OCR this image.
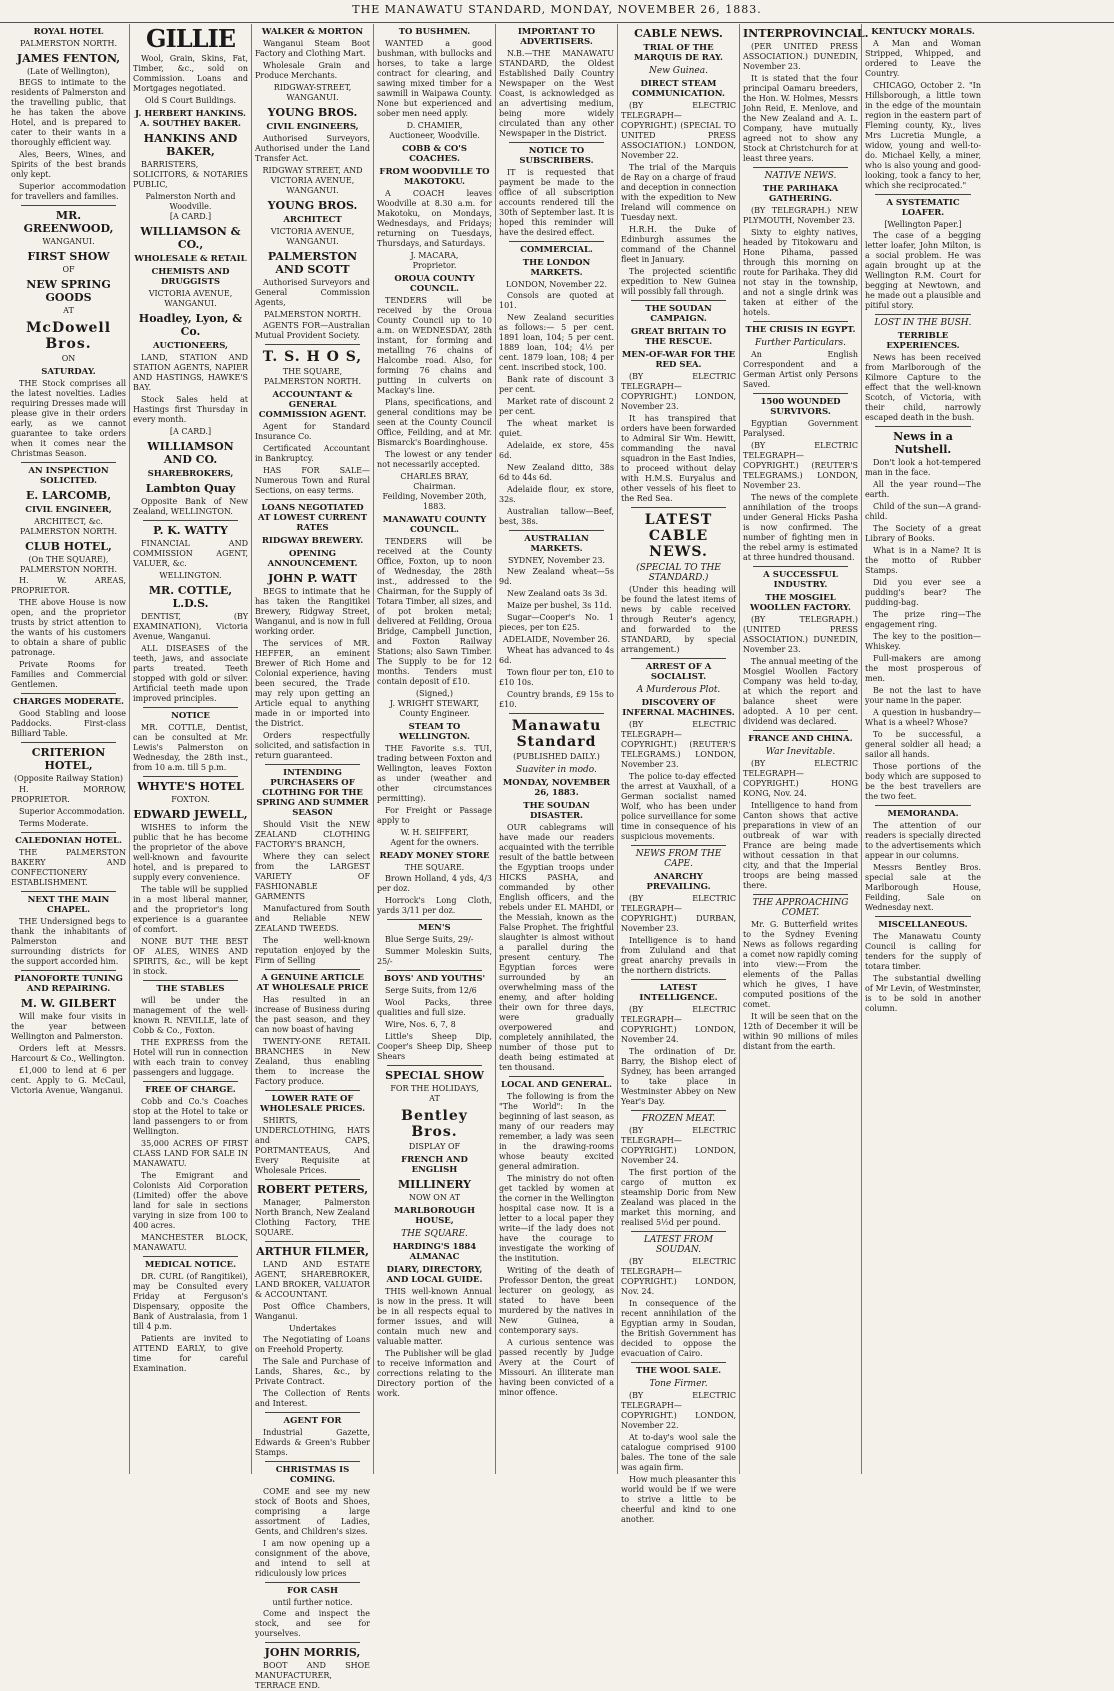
THE MANAWATU STANDARD, MONDAY, NOVEMBER 26, 1883.
ROYAL HOTEL
PALMERSTON NORTH.
JAMES FENTON,
(Late of Wellington),
BEGS to intimate to the residents of Palmerston and the travelling public, that he has taken the above Hotel, and is prepared to cater to their wants in a thoroughly efficient way.
Ales, Beers, Wines, and Spirits of the best brands only kept.
Superior accommodation for travellers and families.
MR. GREENWOOD,
WANGANUI.
FIRST SHOW
OF
NEW SPRING GOODS
AT
McDowell Bros.
ON
SATURDAY.
THE Stock comprises all the latest novelties. Ladies requiring Dresses made will please give in their orders early, as we cannot guarantee to take orders when it comes near the Christmas Season.
AN INSPECTION SOLICITED.
E. LARCOMB,
CIVIL ENGINEER,
ARCHITECT, &c.
PALMERSTON NORTH.
CLUB HOTEL,
(On THE SQUARE),
PALMERSTON NORTH.
H. W. AREAS, PROPRIETOR.
THE above House is now open, and the proprietor trusts by strict attention to the wants of his customers to obtain a share of public patronage.
Private Rooms for Families and Commercial Gentlemen.
CHARGES MODERATE.
Good Stabling and loose Paddocks. First-class Billiard Table.
CRITERION HOTEL,
(Opposite Railway Station)
H. MORROW, PROPRIETOR.
Superior Accommodation.
Terms Moderate.
CALEDONIAN HOTEL.
THE PALMERSTON BAKERY AND CONFECTIONERY ESTABLISHMENT.
NEXT THE MAIN CHAPEL.
THE Undersigned begs to thank the inhabitants of Palmerston and surrounding districts for the support accorded him.
PIANOFORTE TUNING AND REPAIRING.
M. W. GILBERT
Will make four visits in the year between Wellington and Palmerston.
Orders left at Messrs. Harcourt & Co., Wellington.
£1,000 to lend at 6 per cent. Apply to G. McCaul, Victoria Avenue, Wanganui.
GILLIE
Wool, Grain, Skins, Fat, Timber, &c., sold on Commission. Loans and Mortgages negotiated.
Old S Court Buildings.
J. HERBERT HANKINS. A. SOUTHEY BAKER.
HANKINS AND BAKER,
BARRISTERS, SOLICITORS, & NOTARIES PUBLIC,
Palmerston North and Woodville.
[A CARD.]
WILLIAMSON & CO.,
WHOLESALE & RETAIL
CHEMISTS AND DRUGGISTS
VICTORIA AVENUE,
WANGANUI.
Hoadley, Lyon, & Co.
AUCTIONEERS,
LAND, STATION AND STATION AGENTS, NAPIER AND HASTINGS, HAWKE'S BAY.
Stock Sales held at Hastings first Thursday in every month.
[A CARD.]
WILLIAMSON AND CO.
SHAREBROKERS,
Lambton Quay
Opposite Bank of New Zealand, WELLINGTON.
P. K. WATTY
FINANCIAL AND COMMISSION AGENT, VALUER, &c.
WELLINGTON.
MR. COTTLE, L.D.S.
DENTIST, (BY EXAMINATION), Victoria Avenue, Wanganui.
ALL DISEASES of the teeth, jaws, and associate parts treated. Teeth stopped with gold or silver. Artificial teeth made upon improved principles.
NOTICE
MR. COTTLE, Dentist, can be consulted at Mr. Lewis's Palmerston on Wednesday, the 28th inst., from 10 a.m. till 5 p.m.
WHYTE'S HOTEL
FOXTON.
EDWARD JEWELL,
WISHES to inform the public that he has become the proprietor of the above well-known and favourite hotel, and is prepared to supply every convenience.
The table will be supplied in a most liberal manner, and the proprietor's long experience is a guarantee of comfort.
NONE BUT THE BEST OF ALES, WINES AND SPIRITS, &c., will be kept in stock.
THE STABLES
will be under the management of the well-known R. NEVILLE, late of Cobb & Co., Foxton.
THE EXPRESS from the Hotel will run in connection with each train to convey passengers and luggage.
FREE OF CHARGE.
Cobb and Co.'s Coaches stop at the Hotel to take or land passengers to or from Wellington.
35,000 ACRES OF FIRST CLASS LAND FOR SALE IN MANAWATU.
The Emigrant and Colonists Aid Corporation (Limited) offer the above land for sale in sections varying in size from 100 to 400 acres.
MANCHESTER BLOCK, MANAWATU.
MEDICAL NOTICE.
DR. CURL (of Rangitikei), may be Consulted every Friday at Ferguson's Dispensary, opposite the Bank of Australasia, from 1 till 4 p.m.
Patients are invited to ATTEND EARLY, to give time for careful Examination.
WALKER & MORTON
Wanganui Steam Boot Factory and Clothing Mart.
Wholesale Grain and Produce Merchants.
RIDGWAY-STREET,
WANGANUI.
YOUNG BROS.
CIVIL ENGINEERS,
Authorised Surveyors, Authorised under the Land Transfer Act.
RIDGWAY STREET, AND VICTORIA AVENUE, WANGANUI.
YOUNG BROS.
ARCHITECT
VICTORIA AVENUE, WANGANUI.
PALMERSTON AND SCOTT
Authorised Surveyors and General Commission Agents,
PALMERSTON NORTH.
AGENTS FOR—Australian Mutual Provident Society.
T. S. H O S,
THE SQUARE,
PALMERSTON NORTH.
ACCOUNTANT & GENERAL COMMISSION AGENT.
Agent for Standard Insurance Co.
Certificated Accountant in Bankruptcy.
HAS FOR SALE—Numerous Town and Rural Sections, on easy terms.
LOANS NEGOTIATED AT LOWEST CURRENT RATES
RIDGWAY BREWERY.
OPENING ANNOUNCEMENT.
JOHN P. WATT
BEGS to intimate that he has taken the Rangitikei Brewery, Ridgway Street, Wanganui, and is now in full working order.
The services of MR. HEFFER, an eminent Brewer of Rich Home and Colonial experience, having been secured, the Trade may rely upon getting an Article equal to anything made in or imported into the District.
Orders respectfully solicited, and satisfaction in return guaranteed.
INTENDING PURCHASERS OF CLOTHING FOR THE SPRING AND SUMMER SEASON
Should Visit the NEW ZEALAND CLOTHING FACTORY'S BRANCH,
Where they can select from the LARGEST VARIETY OF FASHIONABLE GARMENTS
Manufactured from South and Reliable NEW ZEALAND TWEEDS.
The well-known reputation enjoyed by the Firm of Selling
A GENUINE ARTICLE AT WHOLESALE PRICE
Has resulted in an increase of Business during the past season, and they can now boast of having
TWENTY-ONE RETAIL BRANCHES in New Zealand, thus enabling them to increase the Factory produce.
LOWER RATE OF WHOLESALE PRICES.
SHIRTS, UNDERCLOTHING, HATS and CAPS, PORTMANTEAUS, And Every Requisite at Wholesale Prices.
ROBERT PETERS,
Manager, Palmerston North Branch, New Zealand Clothing Factory, THE SQUARE.
ARTHUR FILMER,
LAND AND ESTATE AGENT, SHAREBROKER, LAND BROKER, VALUATOR & ACCOUNTANT.
Post Office Chambers, Wanganui.
Undertakes
The Negotiating of Loans on Freehold Property.
The Sale and Purchase of Lands, Shares, &c., by Private Contract.
The Collection of Rents and Interest.
AGENT FOR
Industrial Gazette, Edwards & Green's Rubber Stamps.
CHRISTMAS IS COMING.
COME and see my new stock of Boots and Shoes, comprising a large assortment of Ladies, Gents, and Children's sizes.
I am now opening up a consignment of the above, and intend to sell at ridiculously low prices
FOR CASH
until further notice.
Come and inspect the stock, and see for yourselves.
JOHN MORRIS,
BOOT AND SHOE MANUFACTURER, TERRACE END.
TO BUSHMEN.
WANTED a good bushman, with bullocks and horses, to take a large contract for clearing, and sawing mixed timber for a sawmill in Waipawa County. None but experienced and sober men need apply.
D. CHAMIER,
Auctioneer, Woodville.
COBB & CO'S COACHES.
FROM WOODVILLE TO MAKOTOKU.
A COACH leaves Woodville at 8.30 a.m. for Makotoku, on Mondays, Wednesdays, and Fridays; returning on Tuesdays, Thursdays, and Saturdays.
J. MACARA,
Proprietor.
OROUA COUNTY COUNCIL.
TENDERS will be received by the Oroua County Council up to 10 a.m. on WEDNESDAY, 28th instant, for forming and metalling 76 chains of Halcombe road. Also, for forming 76 chains and putting in culverts on Mackay's line.
Plans, specifications, and general conditions may be seen at the County Council Office, Feilding, and at Mr. Bismarck's Boardinghouse.
The lowest or any tender not necessarily accepted.
CHARLES BRAY,
Chairman.
Feilding, November 20th, 1883.
MANAWATU COUNTY COUNCIL.
TENDERS will be received at the County Office, Foxton, up to noon of Wednesday, the 28th inst., addressed to the Chairman, for the Supply of Totara Timber, all sizes, and of pot broken metal; delivered at Feilding, Oroua Bridge, Campbell Junction, and Foxton Railway Stations; also Sawn Timber. The Supply to be for 12 months. Tenders must contain deposit of £10.
(Signed,)
J. WRIGHT STEWART,
County Engineer.
STEAM TO WELLINGTON.
THE Favorite s.s. TUI, trading between Foxton and Wellington, leaves Foxton as under (weather and other circumstances permitting).
For Freight or Passage apply to
W. H. SEIFFERT,
Agent for the owners.
READY MONEY STORE
THE SQUARE.
Brown Holland, 4 yds, 4/3 per doz.
Horrock's Long Cloth, yards 3/11 per doz.
MEN'S
Blue Serge Suits, 29/-
Summer Moleskin Suits, 25/-
BOYS' AND YOUTHS'
Serge Suits, from 12/6
Wool Packs, three qualities and full size.
Wire, Nos. 6, 7, 8
Little's Sheep Dip, Cooper's Sheep Dip, Sheep Shears
SPECIAL SHOW
FOR THE HOLIDAYS,
AT
Bentley Bros.
DISPLAY OF
FRENCH AND ENGLISH
MILLINERY
NOW ON AT
MARLBOROUGH HOUSE,
THE SQUARE.
HARDING'S 1884 ALMANAC
DIARY, DIRECTORY, AND LOCAL GUIDE.
THIS well-known Annual is now in the press. It will be in all respects equal to former issues, and will contain much new and valuable matter.
The Publisher will be glad to receive information and corrections relating to the Directory portion of the work.
IMPORTANT TO ADVERTISERS.
N.B.—THE MANAWATU STANDARD, the Oldest Established Daily Country Newspaper on the West Coast, is acknowledged as an advertising medium, being more widely circulated than any other Newspaper in the District.
NOTICE TO SUBSCRIBERS.
IT is requested that payment be made to the office of all subscription accounts rendered till the 30th of September last. It is hoped this reminder will have the desired effect.
COMMERCIAL.
THE LONDON MARKETS.
LONDON, November 22.
Consols are quoted at 101.
New Zealand securities as follows:— 5 per cent. 1891 loan, 104; 5 per cent. 1889 loan, 104; 4½ per cent. 1879 loan, 108; 4 per cent. inscribed stock, 100.
Bank rate of discount 3 per cent.
Market rate of discount 2 per cent.
The wheat market is quiet.
Adelaide, ex store, 45s 6d.
New Zealand ditto, 38s 6d to 44s 6d.
Adelaide flour, ex store, 32s.
Australian tallow—Beef, best, 38s.
AUSTRALIAN MARKETS.
SYDNEY, November 23.
New Zealand wheat—5s 9d.
New Zealand oats 3s 3d.
Maize per bushel, 3s 11d.
Sugar—Cooper's No. 1 pieces, per ton £25.
ADELAIDE, November 26.
Wheat has advanced to 4s 6d.
Town flour per ton, £10 to £10 10s.
Country brands, £9 15s to £10.
Manawatu Standard
(PUBLISHED DAILY.)
Suaviter in modo.
MONDAY, NOVEMBER 26, 1883.
THE SOUDAN DISASTER.
OUR cablegrams will have made our readers acquainted with the terrible result of the battle between the Egyptian troops under HICKS PASHA, and commanded by other English officers, and the rebels under EL MAHDI, or the Messiah, known as the False Prophet. The frightful slaughter is almost without a parallel during the present century. The Egyptian forces were surrounded by an overwhelming mass of the enemy, and after holding their own for three days, were gradually overpowered and completely annihilated, the number of those put to death being estimated at ten thousand.
LOCAL AND GENERAL.
The following is from the "The World": In the beginning of last season, as many of our readers may remember, a lady was seen in the drawing-rooms whose beauty excited general admiration.
The ministry do not often get tackled by women at the corner in the Wellington hospital case now. It is a letter to a local paper they write—if the lady does not have the courage to investigate the working of the institution.
Writing of the death of Professor Denton, the great lecturer on geology, as stated to have been murdered by the natives in New Guinea, a contemporary says.
A curious sentence was passed recently by Judge Avery at the Court of Missouri. An illiterate man having been convicted of a minor offence.
CABLE NEWS.
TRIAL OF THE MARQUIS DE RAY.
New Guinea.
DIRECT STEAM COMMUNICATION.
(BY ELECTRIC TELEGRAPH—COPYRIGHT.) (SPECIAL TO UNITED PRESS ASSOCIATION.) LONDON, November 22.
The trial of the Marquis de Ray on a charge of fraud and deception in connection with the expedition to New Ireland will commence on Tuesday next.
H.R.H. the Duke of Edinburgh assumes the command of the Channel fleet in January.
The projected scientific expedition to New Guinea will possibly fall through.
THE SOUDAN CAMPAIGN.
GREAT BRITAIN TO THE RESCUE.
MEN-OF-WAR FOR THE RED SEA.
(BY ELECTRIC TELEGRAPH—COPYRIGHT.) LONDON, November 23.
It has transpired that orders have been forwarded to Admiral Sir Wm. Hewitt, commanding the naval squadron in the East Indies, to proceed without delay with H.M.S. Euryalus and other vessels of his fleet to the Red Sea.
LATEST CABLE NEWS.
(SPECIAL TO THE STANDARD.)
(Under this heading will be found the latest items of news by cable received through Reuter's agency, and forwarded to the STANDARD, by special arrangement.)
ARREST OF A SOCIALIST.
A Murderous Plot.
DISCOVERY OF INFERNAL MACHINES.
(BY ELECTRIC TELEGRAPH—COPYRIGHT.) (REUTER'S TELEGRAMS.) LONDON, November 23.
The police to-day effected the arrest at Vauxhall, of a German socialist named Wolf, who has been under police surveillance for some time in consequence of his suspicious movements.
NEWS FROM THE CAPE.
ANARCHY PREVAILING.
(BY ELECTRIC TELEGRAPH—COPYRIGHT.) DURBAN, November 23.
Intelligence is to hand from Zululand and that great anarchy prevails in the northern districts.
LATEST INTELLIGENCE.
(BY ELECTRIC TELEGRAPH—COPYRIGHT.) LONDON, November 24.
The ordination of Dr. Barry, the Bishop elect of Sydney, has been arranged to take place in Westminster Abbey on New Year's Day.
FROZEN MEAT.
(BY ELECTRIC TELEGRAPH—COPYRIGHT.) LONDON, November 24.
The first portion of the cargo of mutton ex steamship Doric from New Zealand was placed in the market this morning, and realised 5½d per pound.
LATEST FROM SOUDAN.
(BY ELECTRIC TELEGRAPH—COPYRIGHT.) LONDON, Nov. 24.
In consequence of the recent annihilation of the Egyptian army in Soudan, the British Government has decided to oppose the evacuation of Cairo.
THE WOOL SALE.
Tone Firmer.
(BY ELECTRIC TELEGRAPH—COPYRIGHT.) LONDON, November 22.
At to-day's wool sale the catalogue comprised 9100 bales. The tone of the sale was again firm.
How much pleasanter this world would be if we were to strive a little to be cheerful and kind to one another.
INTERPROVINCIAL.
(PER UNITED PRESS ASSOCIATION.) DUNEDIN, November 23.
It is stated that the four principal Oamaru breeders, the Hon. W. Holmes, Messrs John Reid, E. Menlove, and the New Zealand and A. L. Company, have mutually agreed not to show any Stock at Christchurch for at least three years.
NATIVE NEWS.
THE PARIHAKA GATHERING.
(BY TELEGRAPH.) NEW PLYMOUTH, November 23.
Sixty to eighty natives, headed by Titokowaru and Hone Pihama, passed through this morning on route for Parihaka. They did not stay in the township, and not a single drink was taken at either of the hotels.
THE CRISIS IN EGYPT.
Further Particulars.
An English Correspondent and a German Artist only Persons Saved.
1500 WOUNDED SURVIVORS.
Egyptian Government Paralysed.
(BY ELECTRIC TELEGRAPH—COPYRIGHT.) (REUTER'S TELEGRAMS.) LONDON, November 23.
The news of the complete annihilation of the troops under General Hicks Pasha is now confirmed. The number of fighting men in the rebel army is estimated at three hundred thousand.
A SUCCESSFUL INDUSTRY.
THE MOSGIEL WOOLLEN FACTORY.
(BY TELEGRAPH.) (UNITED PRESS ASSOCIATION.) DUNEDIN, November 23.
The annual meeting of the Mosgiel Woollen Factory Company was held to-day, at which the report and balance sheet were adopted. A 10 per cent. dividend was declared.
FRANCE AND CHINA.
War Inevitable.
(BY ELECTRIC TELEGRAPH—COPYRIGHT.) HONG KONG, Nov. 24.
Intelligence to hand from Canton shows that active preparations in view of an outbreak of war with France are being made without cessation in that city, and that the Imperial troops are being massed there.
THE APPROACHING COMET.
Mr. G. Butterfield writes to the Sydney Evening News as follows regarding a comet now rapidly coming into view:—From the elements of the Pallas which he gives, I have computed positions of the comet.
It will be seen that on the 12th of December it will be within 90 millions of miles distant from the earth.
KENTUCKY MORALS.
A Man and Woman Stripped, Whipped, and ordered to Leave the Country.
CHICAGO, October 2. "In Hillsborough, a little town in the edge of the mountain region in the eastern part of Fleming county, Ky., lives Mrs Lucretia Mungle, a widow, young and well-to-do. Michael Kelly, a miner, who is also young and good-looking, took a fancy to her, which she reciprocated."
A SYSTEMATIC LOAFER.
[Wellington Paper.]
The case of a begging letter loafer, John Milton, is a social problem. He was again brought up at the Wellington R.M. Court for begging at Newtown, and he made out a plausible and pitiful story.
LOST IN THE BUSH.
TERRIBLE EXPERIENCES.
News has been received from Marlborough of the Kilmore Capture to the effect that the well-known Scotch, of Victoria, with their child, narrowly escaped death in the bush.
News in a Nutshell.
Don't look a hot-tempered man in the face.
All the year round—The earth.
Child of the sun—A grand-child.
The Society of a great Library of Books.
What is in a Name? It is the motto of Rubber Stamps.
Did you ever see a pudding's bear? The pudding-bag.
The prize ring—The engagement ring.
The key to the position—Whiskey.
Full-makers are among the most prosperous of men.
Be not the last to have your name in the paper.
A question in husbandry—What is a wheel? Whose?
To be successful, a general soldier all head; a sailor all hands.
Those portions of the body which are supposed to be the best travellers are the two feet.
MEMORANDA.
The attention of our readers is specially directed to the advertisements which appear in our columns.
Messrs Bentley Bros. special sale at the Marlborough House, Feilding, Sale on Wednesday next.
MISCELLANEOUS.
The Manawatu County Council is calling for tenders for the supply of totara timber.
The substantial dwelling of Mr Levin, of Westminster, is to be sold in another column.
